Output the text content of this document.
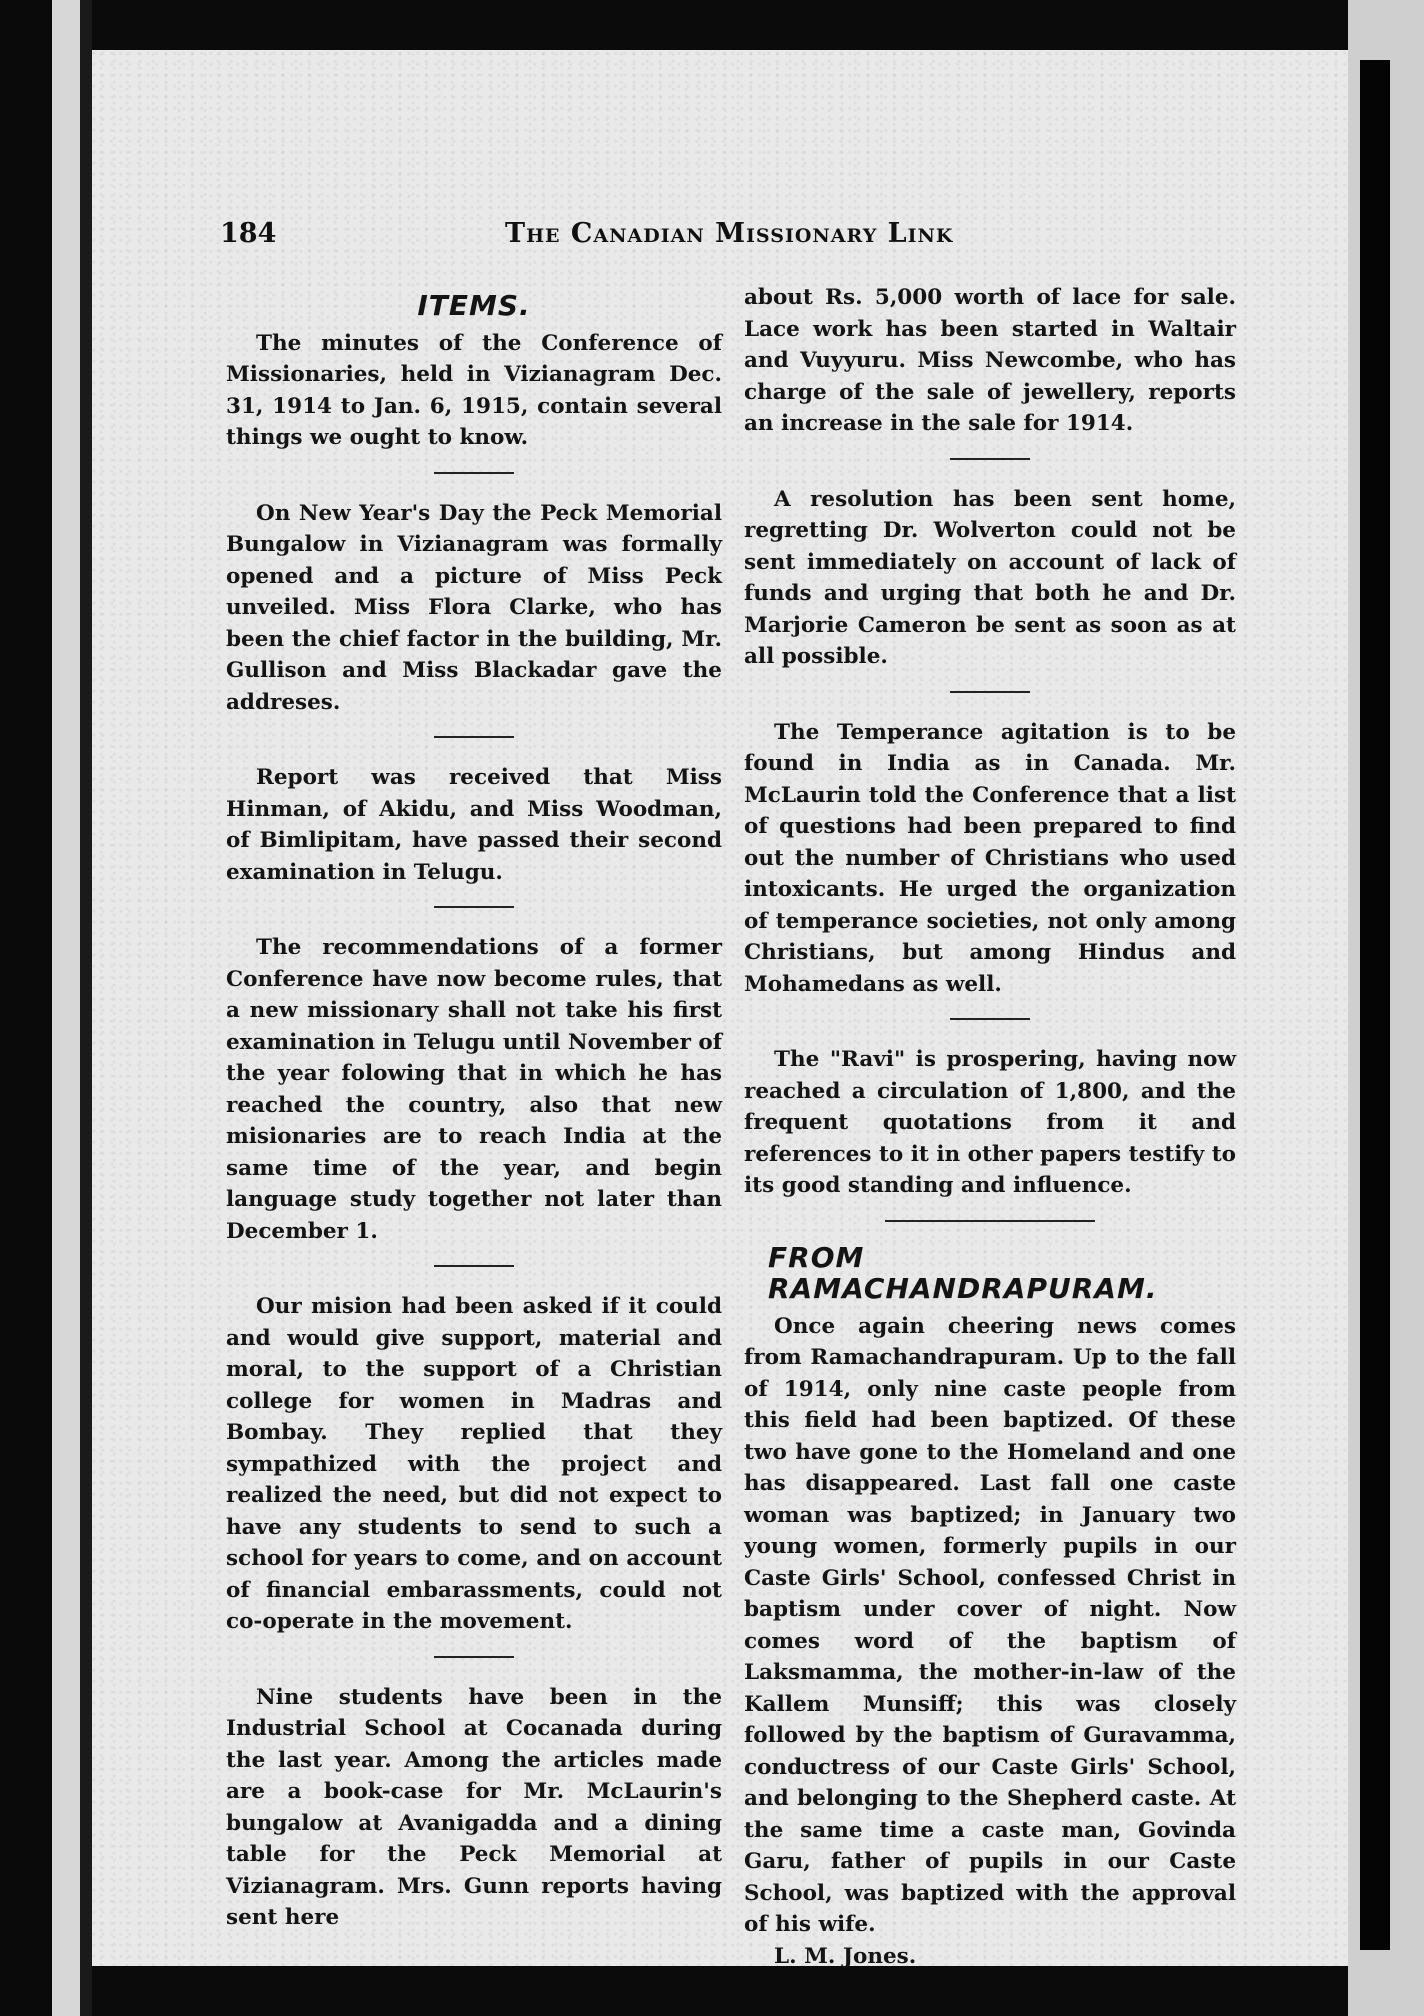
184	The Canadian Missionary Link
ITEMS.

The minutes of the Conference of Missionaries, held in Vizianagram Dec. 31, 1914 to Jan. 6, 1915, contain several things we ought to know.

On New Year's Day the Peck Memorial Bungalow in Vizianagram was formally opened and a picture of Miss Peck unveiled. Miss Flora Clarke, who has been the chief factor in the building, Mr. Gullison and Miss Blackadar gave the addreses.

Report was received that Miss Hinman, of Akidu, and Miss Woodman, of Bimlipitam, have passed their second examination in Telugu.

The recommendations of a former Conference have now become rules, that a new missionary shall not take his first examination in Telugu until November of the year folowing that in which he has reached the country, also that new misionaries are to reach India at the same time of the year, and begin language study together not later than December 1.

Our mision had been asked if it could and would give support, material and moral, to the support of a Christian college for women in Madras and Bombay. They replied that they sympathized with the project and realized the need, but did not expect to have any students to send to such a school for years to come, and on account of financial embarassments, could not co-operate in the movement.

Nine students have been in the Industrial School at Cocanada during the last year. Among the articles made are a book-case for Mr. McLaurin's bungalow at Avanigadda and a dining table for the Peck Memorial at Vizianagram. Mrs. Gunn reports having sent here

about Rs. 5,000 worth of lace for sale. Lace work has been started in Waltair and Vuyyuru. Miss Newcombe, who has charge of the sale of jewellery, reports an increase in the sale for 1914.

A resolution has been sent home, regretting Dr. Wolverton could not be sent immediately on account of lack of funds and urging that both he and Dr. Marjorie Cameron be sent as soon as at all possible.

The Temperance agitation is to be found in India as in Canada. Mr. McLaurin told the Conference that a list of questions had been prepared to find out the number of Christians who used intoxicants. He urged the organization of temperance societies, not only among Christians, but among Hindus and Mohamedans as well.

The "Ravi" is prospering, having now reached a circulation of 1,800, and the frequent quotations from it and references to it in other papers testify to its good standing and influence.

FROM RAMACHANDRAPURAM.

Once again cheering news comes from Ramachandrapuram. Up to the fall of 1914, only nine caste people from this field had been baptized. Of these two have gone to the Homeland and one has disappeared. Last fall one caste woman was baptized; in January two young women, formerly pupils in our Caste Girls' School, confessed Christ in baptism under cover of night. Now comes word of the baptism of Laksmamma, the mother-in-law of the Kallem Munsiff; this was closely followed by the baptism of Guravamma, conductress of our Caste Girls' School, and belonging to the Shepherd caste. At the same time a caste man, Govinda Garu, father of pupils in our Caste School, was baptized with the approval of his wife.

L. M. Jones.
